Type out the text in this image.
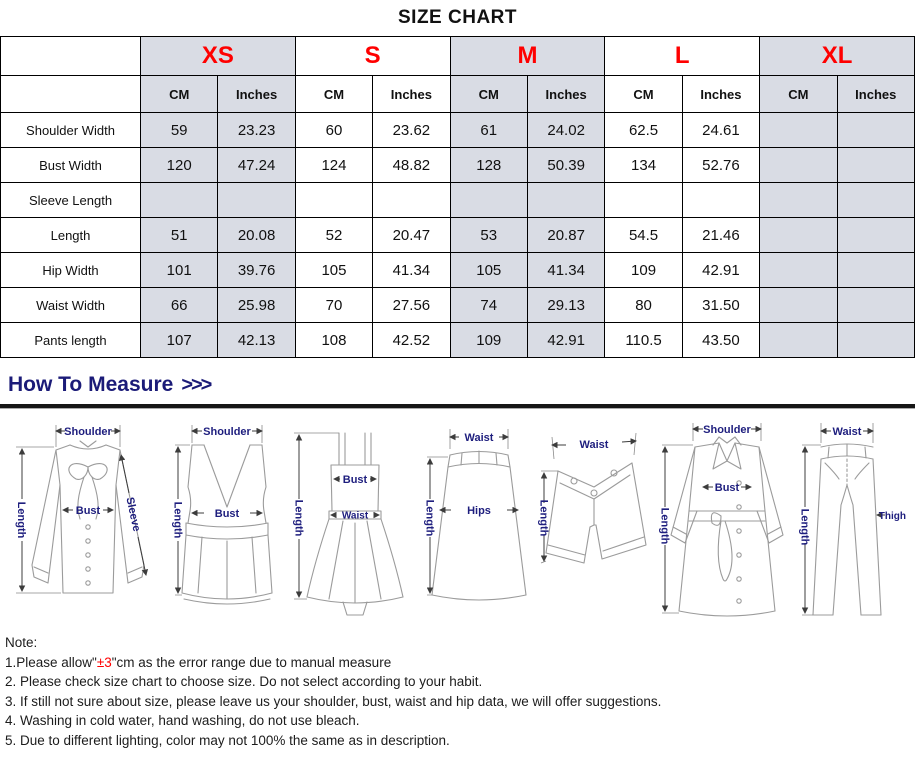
SIZE CHART
	XS		S		M		L		XL	
	CM	Inches	CM	Inches	CM	Inches	CM	Inches	CM	Inches
Shoulder Width	59	23.23	60	23.62	61	24.02	62.5	24.61		
Bust Width	120	47.24	124	48.82	128	50.39	134	52.76		
Sleeve Length										
Length	51	20.08	52	20.47	53	20.87	54.5	21.46		
Hip Width	101	39.76	105	41.34	105	41.34	109	42.91		
Waist Width	66	25.98	70	27.56	74	29.13	80	31.50		
Pants length	107	42.13	108	42.52	109	42.91	110.5	43.50		
How To Measure >>>
Shoulder
Length	Bust Sleeve
Shoulder
Length	Bust	Length
Bust
Waist
Waist
Length	Hips
Waist
Length
Shoulder
Length
Bust
Waist
Length	Thigh
Note:
1.Please allow"±3"cm as the error range due to manual measure
2. Please check size chart to choose size. Do not select according to your habit.
3. If still not sure about size, please leave us your shoulder, bust, waist and hip data, we will offer suggestions.
4. Washing in cold water, hand washing, do not use bleach.
5. Due to different lighting, color may not 100% the same as in description.
